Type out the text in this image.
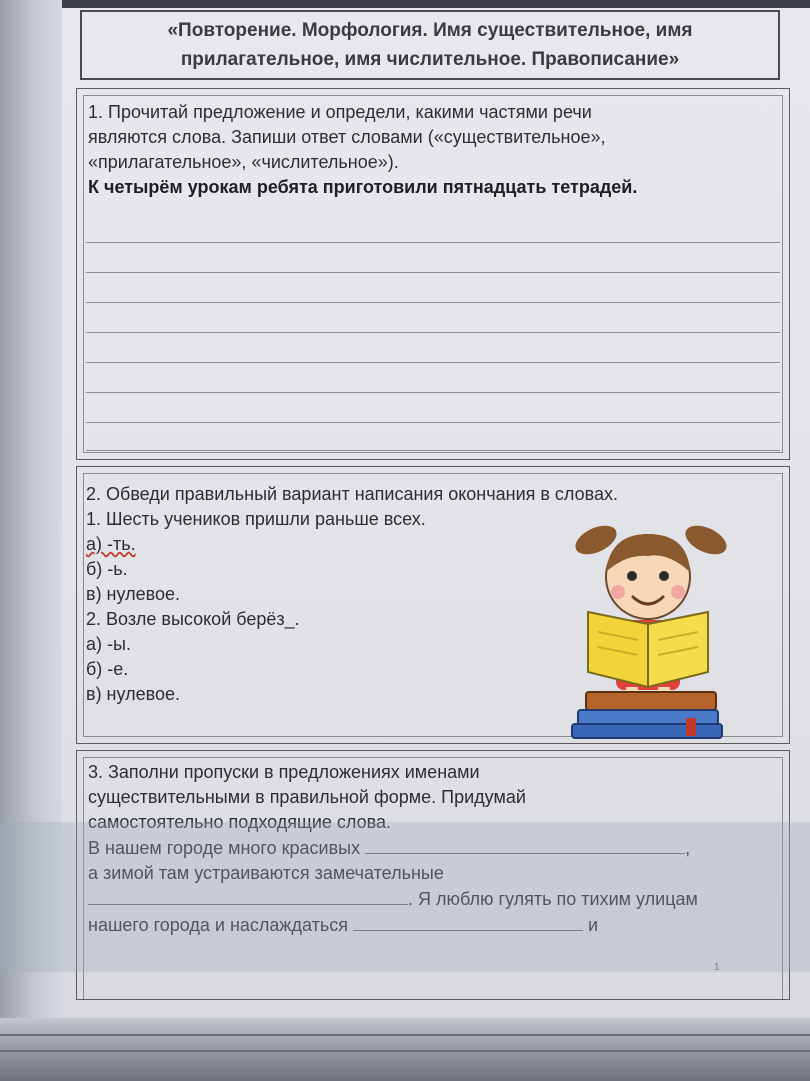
«Повторение. Морфология. Имя существительное, имя
прилагательное, имя числительное. Правописание»
1. Прочитай предложение и определи, какими частями речи
являются слова. Запиши ответ словами («существительное»,
«прилагательное», «числительное»).
К четырём урокам ребята приготовили пятнадцать тетрадей.
2. Обведи правильный вариант написания окончания в словах.
1. Шесть учеников пришли раньше всех.
а) -ть.
б) -ь.
в) нулевое.
2. Возле высокой берёз_.
а) -ы.
б) -е.
в) нулевое.
3. Заполни пропуски в предложениях именами
существительными в правильной форме. Придумай
самостоятельно подходящие слова.
В нашем городе много красивых	,
а зимой там устраиваются замечательные
. Я люблю гулять по тихим улицам
нашего города и наслаждаться	и
1
